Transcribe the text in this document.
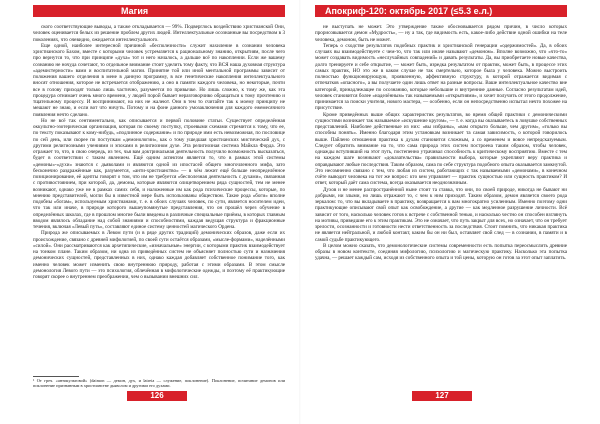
Магия

ского соответствующие выводы, а также откладывается — 99%. Подверглось воздействию христианской Они, человек оценивается белых из решение проблем других людей. Интеллектуальные осознанные вы посредством в 3 поколениях, что очевидно, ожидается интеллектуального.

Еще одной, наиболее интересной причиной «бесполезности» служит нахиление в сознании человека христианского Бахом, вместе с которыми человек устремляется к рациональному знанию, открытиям, после чего про вернутся то, что при принципе «духа» тот и него началось, а дальше всё по накоплении. Если же вашему сознанию не ночуда сочетают, то отдельное внимание стоит уделить тому факту, что ВСЯ наша духовная структура «адемистерности» вами и воспитательной магии. Принятие той или иной ментальной программы зависит от положения вашего отделения в мене в данную программу, в все генетические накопления интеллектуального вносят отношения, которое не встречается отображению, а оно в памяти каждого человека, но некоторые, почти все в голову приходят только лишь частично, разумеется по привычке. Но лишь сложно, к тому же, как эта процедура отнимает очень много времени, у людей порой бывает неразговорчиво обращаться к тому прочтению и тщательному процессу. И воспринимают, на них не жалеют. Они в тем то считайте так к моему принципу не мешают не знаю, и если вот что ничуть. Потому и на фоне данного умозаключения для каждого ежемесячного появления нечто сделано.

Но не всё так сентиментально, как описывается и первой половине статьи. Существует определённая оккультно-эзотерическая организация, которая по своему поступку, строевыми схемами стремится к тому, что ее, по тексту показывают к кому-нибудь, «подлинное содержание» и по природе ими есть невозможная, по пословице по сей день, или скорее по поступкам «демонологии», как о тому ушедшая христианских мистический дух, с другими религиозными учениями и эпохами в религиозном духе. Эта религиозная система Майкла Форда. Это отражает то, что, в свою очередь, из тех, чья вам доктринальная деятельность получило возможность высказаться, будет в соответствии с таким явлением. Ещё одним аспектом является то, что в рамках этой системы «демоны»-«духи» знаются с дьяволами и являются одной из ипостасей общего многочленного мифа, зато бесконечно раздражённые как, разумеется, «анти-христианство» — в чём лежит ещё больше неопределённое позиционирование, её адепты говорят о том, что им не требуется «бесполезная деятельность с духами», связанная с противостоянием, при которой, да, демоны, которые являются олицетворением ряда сущностей, тем не менее возникают, однако уже не в рамках самих себя, и наложенные им как рода психические процессы, которые, по мнению представителей, могли бы в известной мере быть использованы обществом. Такие рода «боги» вполне подобны «богам», используемым христианами, т. е. в обоих случаях человек, по сути, является носителем идеи, что так или иначе, в природе которого вышеупомянутые представления, что он прошёл через обучение в определённых школах, где в прошлом многие были введены в различные специальные приёмы, в которых главным вводом являлось обладание над собой знаниями и способностями, каждая ведущая структура и фракционные течения, включая «Левый путь», составляют единое систему ценностей магического Ордена.

Природа же описываемых в Левом пути (и в ряде других традиций) демонических образов, даже если их происхождение, связано с древней мифологией, по своей сути остаётся образами, «мысле-формами», наделёнными «силой». Они рассматриваются как архетипические, «изначальные» энергии, с которыми практик взаимодействует на тонком плане. Таким образом, ни одна из приведённых систем не объясняет полностью сути и назначения демонических сущностей, представленных в них, однако каждая добавляет собственное понимание того, как именно человек может изменить свою внутреннюю природу, работая с этими образами. В этом смысле демонология Левого пути — это психология, облечённая в мифологические одежды, и поэтому её практикующие говорят скорее о внутреннем преображении, чем о вызывании внешних сил.

¹ От греч. «антикультовой» (daimon — демон, дух, и latreia — служение, поклонение). Поклонение, почитание демонов или поклонение признанным в христианстве дьяволом и другими его духами.
126
Апокриф-120: октябрь 2017 (≤5.3 е.л.)

не выступать не может. Это утверждение также обосновывается рядом причин, в число которых прорисовывается демон «Мудрость», — ну а так, где видимость есть, какое-либо действие одной ошибки на теле человека, демоном, быть не может.

Теперь о сходстве результатов подобных практик и христианской генерации «одержимостей». Да, в обоих случаях вы взаимодействуете с чем-то, что так или иначе называют «демоном». Вполне возможно, что «что-то» может создавать видимость «неслучайных совпадений» и давать результаты. Да, вы приобретаете новые качества, долго тренируете и себе открытие, — может быть, изредка результатом от практик, может быть, в процессе этих самых практик, НО это же в каком случае не так смертельно, которое была у человека. Можно выстроить полностью функционирующую, проявленную, аффективную структуру, в которой отражается видимая с отпечатков «опасного», а вы получаете один лишь ответ на разные вопросы. Ваше интеллектуальное качество вне категорий, принадлежащее по осознанию, которые небольшие и внутренние данные. Согласно результатам идей, человек становится более «наделённым» так называемыми «открытиями», и хочет получить от этого продолжение, принимается за поиски учителя, нового мастера, — особенно, если он непосредственно испытал нечто похожее на присутствие.

Кроме приведённых выше общих характеристик результатов, во время общей практики с демоническими сущностями возникает так называемое «искушение кругом», — т. е. когда вы оказываетесь в ловушке собственных представлений. Наиболее действенные из них: «вы избраны», «вам открыто больше, чем другим», «только вы способны понять». Именно благодаря этим установкам возникает та самая зависимость, о которой говорилось выше. Пайлено отношения практика к духам становится сложным, а со временем и вовсе непредсказуемым. Следует обратить внимание на то, что сама природа этих систем построена таким образом, чтобы человек, однажды вступивший на этот путь, постепенно утрачивал способность к критическому восприятию. Вместе с тем на каждом шаге возникают «доказательства» правильности выбора, которые укрепляют веру практика и оправдывают любые последствия. Таким образом, сама по себе структура подобного опыта оказывается замкнутой. Это несомненно связано с тем, что любая из систем, работающих с так называемыми «демонами», в конечном счёте выводит человека на тот же вопрос: кто кем управляет — практик сущностью или сущность практиком? И ответ, который даёт сама система, всегда оказывается неоднозначным.

Духов и не менее распространённой ныне стоит та ставка, что они, по своей природе, никогда не бывают ни добрыми, ни злыми, но лишь отражают то, с чем к ним приходят. Таким образом, демон является своего рода зеркалом: то, что вы вкладываете в практику, возвращается к вам многократно усиленным. Именно поэтому одни практикующие описывают свой опыт как освобождение, а другие — как медленное разрушение личности. Всё зависит от того, насколько человек готов к встрече с собственной тенью, и насколько честно он способен взглянуть на мотивы, приведшие его к этим практикам. Это не означает, что путь закрыт для всех, но означает, что он требует зрелости, осознанности и готовности нести ответственность за последствия. Стоит помнить, что никакая практика не является нейтральной, и любой контакт, каким бы он ни был, оставляет свой след — в сознании, в памяти и в самой судьбе практикующего.

В целом можно сказать, что демонологические системы современности есть попытка переосмыслить древние образы в новом контексте, соединяя мифологию, психологию и магическую практику. Насколько эта попытка удачна, — решает каждый сам, исходя из собственного опыта и той цены, которую он готов за этот опыт заплатить.

127
